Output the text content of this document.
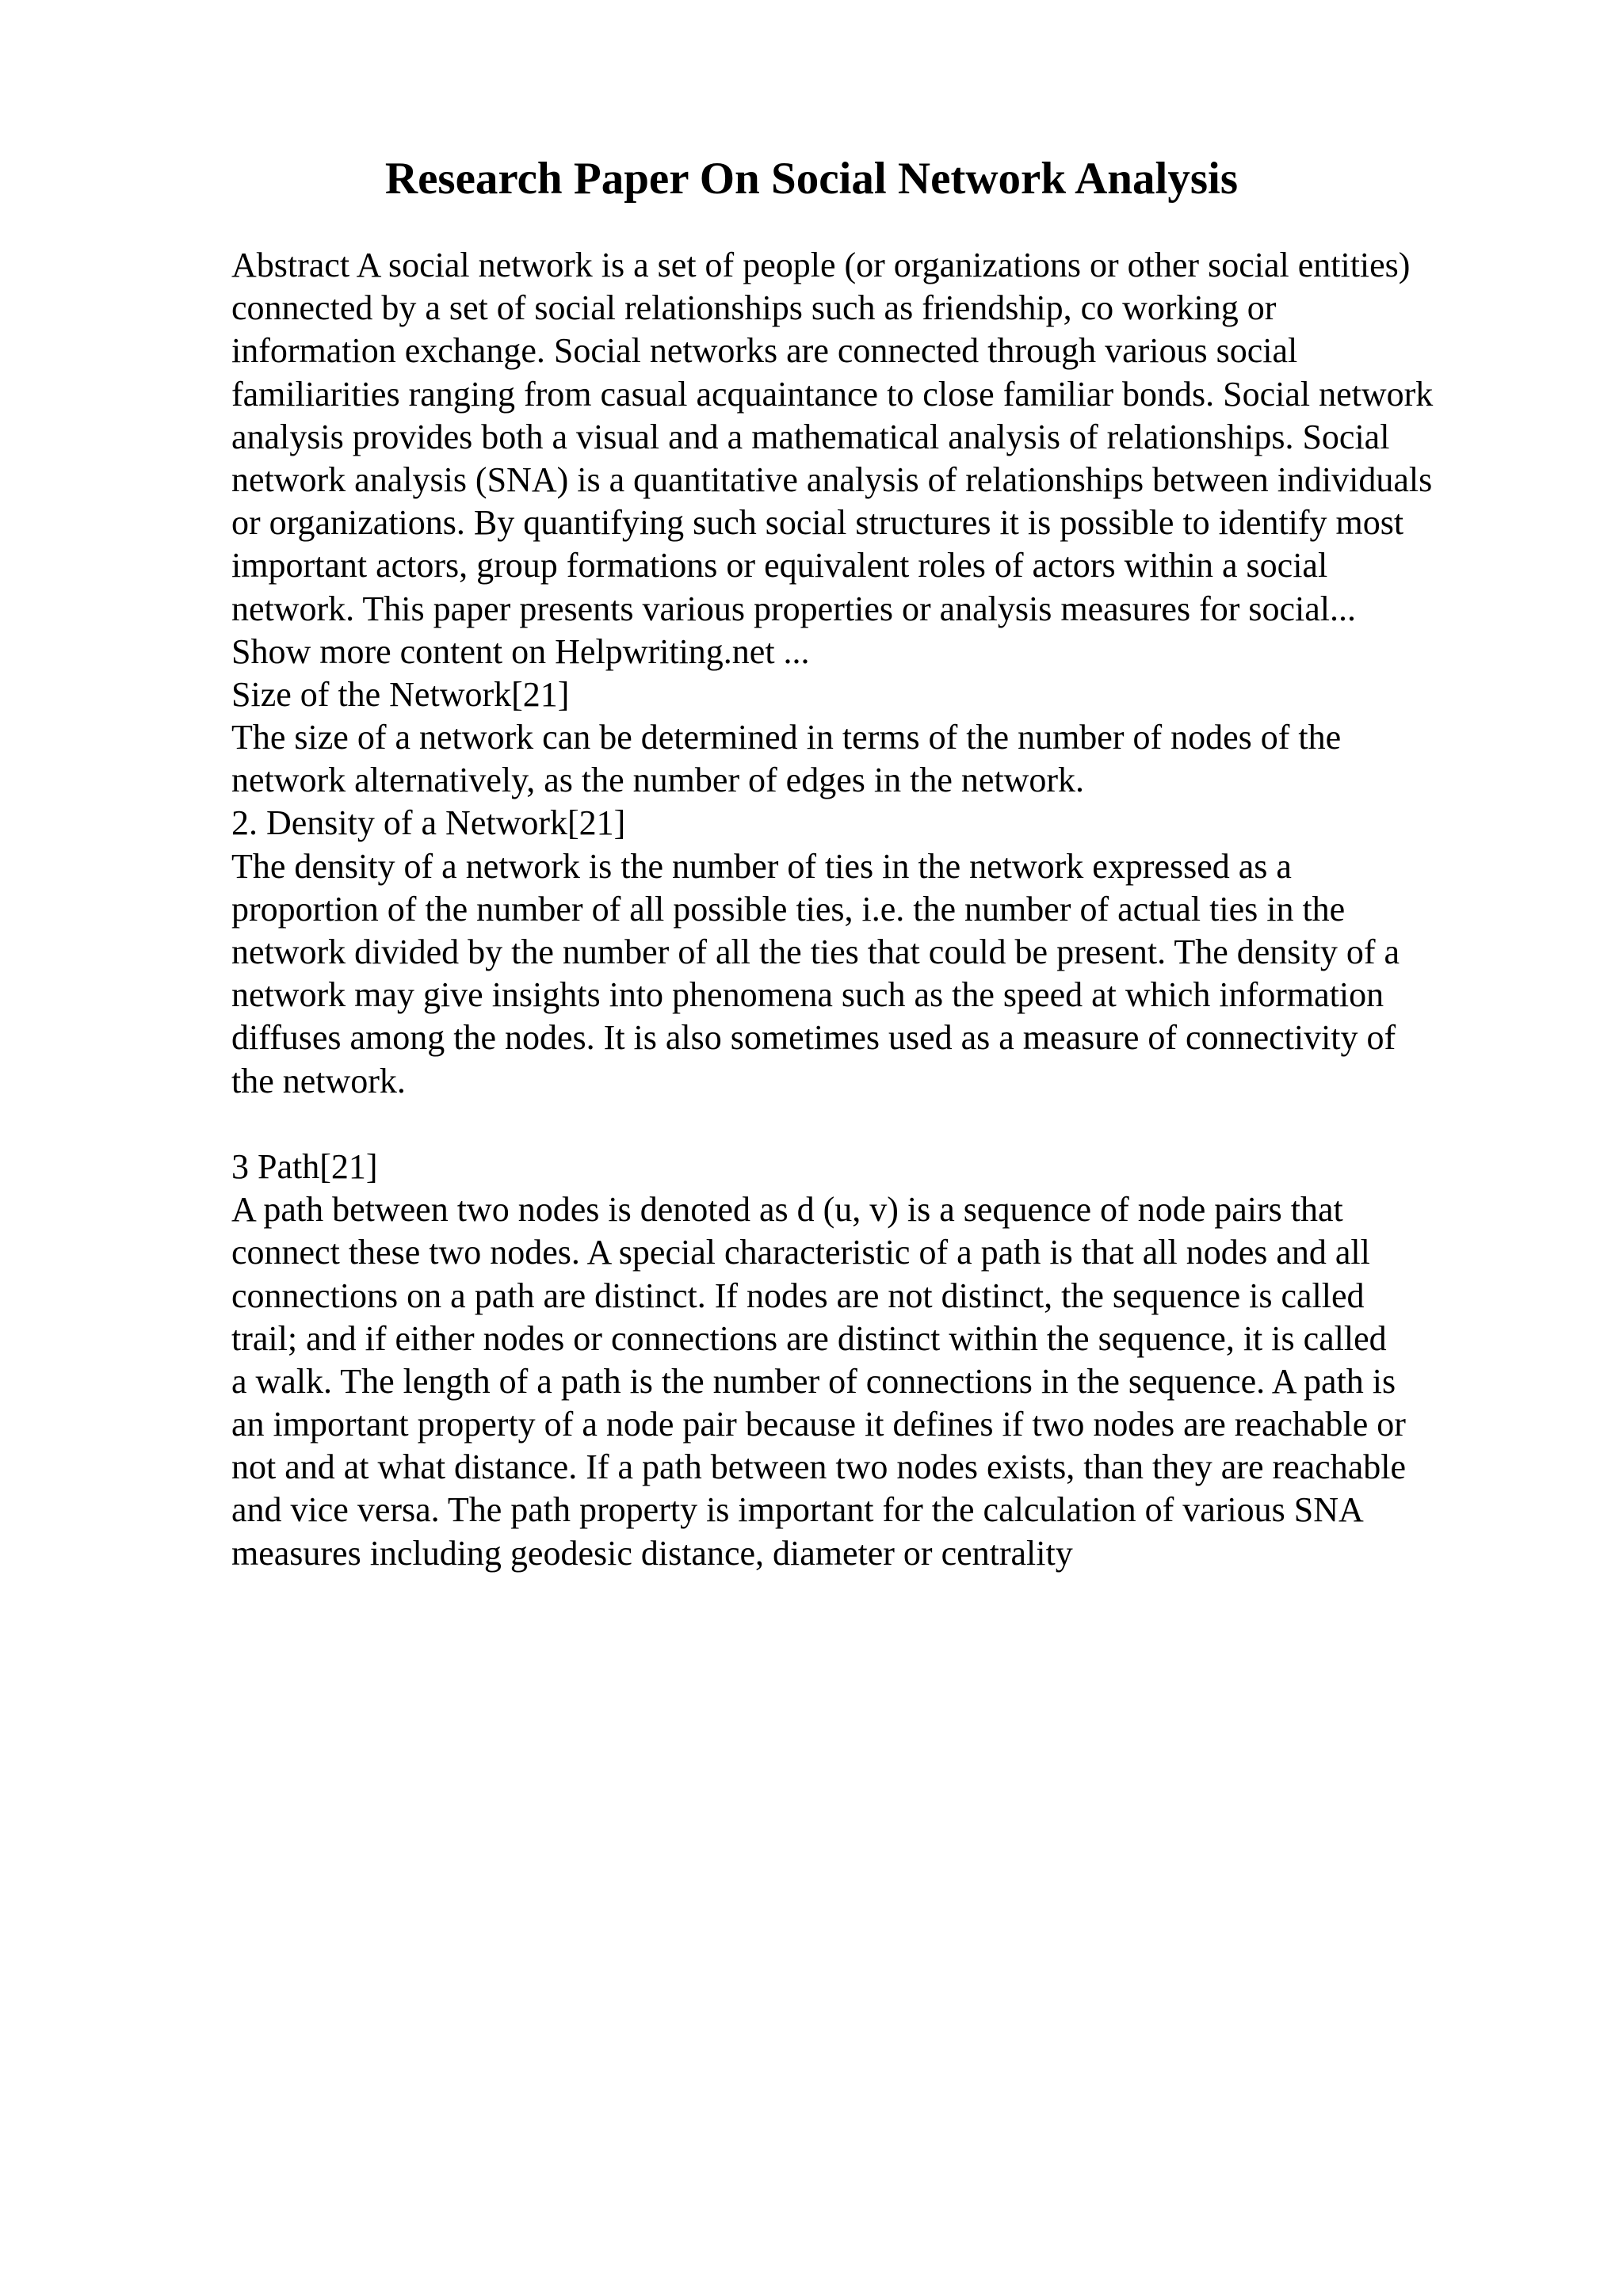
Research Paper On Social Network Analysis
Abstract A social network is a set of people (or organizations or other social entities)
connected by a set of social relationships such as friendship, co working or
information exchange. Social networks are connected through various social
familiarities ranging from casual acquaintance to close familiar bonds. Social network
analysis provides both a visual and a mathematical analysis of relationships. Social
network analysis (SNA) is a quantitative analysis of relationships between individuals
or organizations. By quantifying such social structures it is possible to identify most
important actors, group formations or equivalent roles of actors within a social
network. This paper presents various properties or analysis measures for social...
Show more content on Helpwriting.net ...
Size of the Network[21]
The size of a network can be determined in terms of the number of nodes of the
network alternatively, as the number of edges in the network.
2. Density of a Network[21]
The density of a network is the number of ties in the network expressed as a
proportion of the number of all possible ties, i.e. the number of actual ties in the
network divided by the number of all the ties that could be present. The density of a
network may give insights into phenomena such as the speed at which information
diffuses among the nodes. It is also sometimes used as a measure of connectivity of
the network.
3 Path[21]
A path between two nodes is denoted as d (u, v) is a sequence of node pairs that
connect these two nodes. A special characteristic of a path is that all nodes and all
connections on a path are distinct. If nodes are not distinct, the sequence is called
trail; and if either nodes or connections are distinct within the sequence, it is called
a walk. The length of a path is the number of connections in the sequence. A path is
an important property of a node pair because it defines if two nodes are reachable or
not and at what distance. If a path between two nodes exists, than they are reachable
and vice versa. The path property is important for the calculation of various SNA
measures including geodesic distance, diameter or centrality
